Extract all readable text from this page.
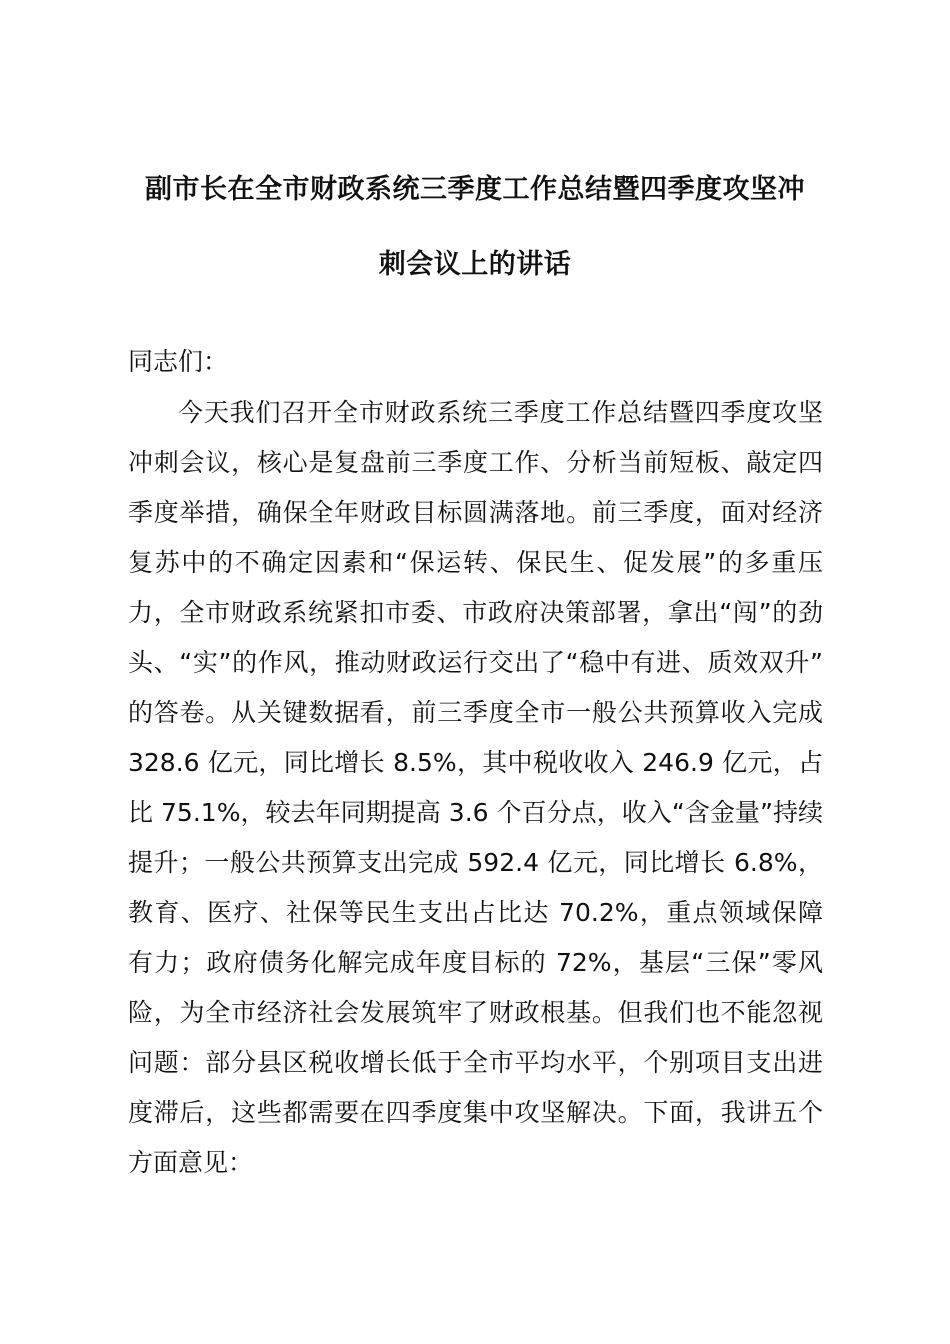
副市长在全市财政系统三季度工作总结暨四季度攻坚冲
刺会议上的讲话
同志们：
今天我们召开全市财政系统三季度工作总结暨四季度攻坚
冲刺会议，核心是复盘前三季度工作、分析当前短板、敲定四
季度举措，确保全年财政目标圆满落地。前三季度，面对经济
复苏中的不确定因素和“保运转、保民生、促发展”的多重压
力，全市财政系统紧扣市委、市政府决策部署，拿出“闯”的劲
头、“实”的作风，推动财政运行交出了“稳中有进、质效双升”
的答卷。从关键数据看，前三季度全市一般公共预算收入完成
328.6 亿元，同比增长 8.5%，其中税收收入 246.9 亿元，占
比 75.1%，较去年同期提高 3.6 个百分点，收入“含金量”持续
提升；一般公共预算支出完成 592.4 亿元，同比增长 6.8%，
教育、医疗、社保等民生支出占比达 70.2%，重点领域保障
有力；政府债务化解完成年度目标的 72%，基层“三保”零风
险，为全市经济社会发展筑牢了财政根基。但我们也不能忽视
问题：部分县区税收增长低于全市平均水平，个别项目支出进
度滞后，这些都需要在四季度集中攻坚解决。下面，我讲五个
方面意见：
